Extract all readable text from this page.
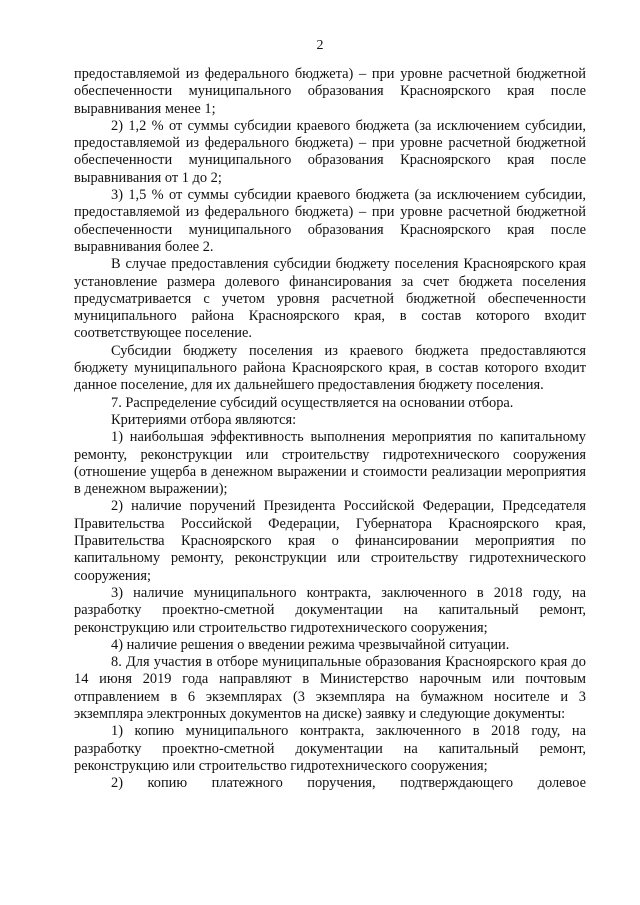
2

предоставляемой из федерального бюджета) – при уровне расчетной бюджетной обеспеченности муниципального образования Красноярского края после выравнивания менее 1;

2) 1,2 % от суммы субсидии краевого бюджета (за исключением субсидии, предоставляемой из федерального бюджета) – при уровне расчетной бюджетной обеспеченности муниципального образования Красноярского края после выравнивания от 1 до 2;

3) 1,5 % от суммы субсидии краевого бюджета (за исключением субсидии, предоставляемой из федерального бюджета) – при уровне расчетной бюджетной обеспеченности муниципального образования Красноярского края после выравнивания более 2.

В случае предоставления субсидии бюджету поселения Красноярского края установление размера долевого финансирования за счет бюджета поселения предусматривается с учетом уровня расчетной бюджетной обеспеченности муниципального района Красноярского края, в состав которого входит соответствующее поселение.

Субсидии бюджету поселения из краевого бюджета предоставляются бюджету муниципального района Красноярского края, в состав которого входит данное поселение, для их дальнейшего предоставления бюджету поселения.

7. Распределение субсидий осуществляется на основании отбора.

Критериями отбора являются:

1) наибольшая эффективность выполнения мероприятия по капитальному ремонту, реконструкции или строительству гидротехнического сооружения (отношение ущерба в денежном выражении и стоимости реализации мероприятия в денежном выражении);

2) наличие поручений Президента Российской Федерации, Председателя Правительства Российской Федерации, Губернатора Красноярского края, Правительства Красноярского края о финансировании мероприятия по капитальному ремонту, реконструкции или строительству гидротехнического сооружения;

3) наличие муниципального контракта, заключенного в 2018 году, на разработку проектно-сметной документации на капитальный ремонт, реконструкцию или строительство гидротехнического сооружения;

4) наличие решения о введении режима чрезвычайной ситуации.

8. Для участия в отборе муниципальные образования Красноярского края до 14 июня 2019 года направляют в Министерство нарочным или почтовым отправлением в 6 экземплярах (3 экземпляра на бумажном носителе и 3 экземпляра электронных документов на диске) заявку и следующие документы:

1) копию муниципального контракта, заключенного в 2018 году, на разработку проектно-сметной документации на капитальный ремонт, реконструкцию или строительство гидротехнического сооружения;

2) копию платежного поручения, подтверждающего долевое
